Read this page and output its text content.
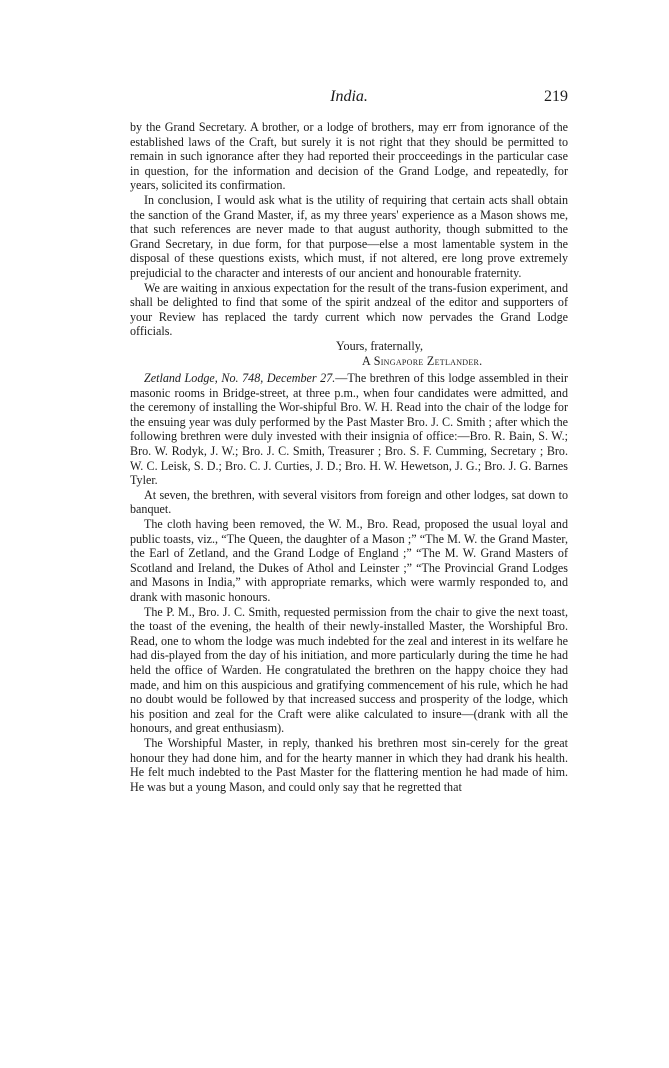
India.	219

by the Grand Secretary. A brother, or a lodge of brothers, may err from ignorance of the established laws of the Craft, but surely it is not right that they should be permitted to remain in such ignorance after they had reported their procceedings in the particular case in question, for the information and decision of the Grand Lodge, and repeatedly, for years, solicited its confirmation.

In conclusion, I would ask what is the utility of requiring that certain acts shall obtain the sanction of the Grand Master, if, as my three years' experience as a Mason shows me, that such references are never made to that august authority, though submitted to the Grand Secretary, in due form, for that purpose—else a most lamentable system in the disposal of these questions exists, which must, if not altered, ere long prove extremely prejudicial to the character and interests of our ancient and honourable fraternity.

We are waiting in anxious expectation for the result of the trans-fusion experiment, and shall be delighted to find that some of the spirit andzeal of the editor and supporters of your Review has replaced the tardy current which now pervades the Grand Lodge officials.

Yours, fraternally,
A Singapore Zetlander.

Zetland Lodge, No. 748, December 27.—The brethren of this lodge assembled in their masonic rooms in Bridge-street, at three p.m., when four candidates were admitted, and the ceremony of installing the Wor-shipful Bro. W. H. Read into the chair of the lodge for the ensuing year was duly performed by the Past Master Bro. J. C. Smith ; after which the following brethren were duly invested with their insignia of office:—Bro. R. Bain, S. W.; Bro. W. Rodyk, J. W.; Bro. J. C. Smith, Treasurer ; Bro. S. F. Cumming, Secretary ; Bro. W. C. Leisk, S. D.; Bro. C. J. Curties, J. D.; Bro. H. W. Hewetson, J. G.; Bro. J. G. Barnes Tyler.

At seven, the brethren, with several visitors from foreign and other lodges, sat down to banquet.

The cloth having been removed, the W. M., Bro. Read, proposed the usual loyal and public toasts, viz., “The Queen, the daughter of a Mason ;” “The M. W. the Grand Master, the Earl of Zetland, and the Grand Lodge of England ;” “The M. W. Grand Masters of Scotland and Ireland, the Dukes of Athol and Leinster ;” “The Provincial Grand Lodges and Masons in India,” with appropriate remarks, which were warmly responded to, and drank with masonic honours.

The P. M., Bro. J. C. Smith, requested permission from the chair to give the next toast, the toast of the evening, the health of their newly-installed Master, the Worshipful Bro. Read, one to whom the lodge was much indebted for the zeal and interest in its welfare he had dis-played from the day of his initiation, and more particularly during the time he had held the office of Warden. He congratulated the brethren on the happy choice they had made, and him on this auspicious and gratifying commencement of his rule, which he had no doubt would be followed by that increased success and prosperity of the lodge, which his position and zeal for the Craft were alike calculated to insure—(drank with all the honours, and great enthusiasm).

The Worshipful Master, in reply, thanked his brethren most sin-cerely for the great honour they had done him, and for the hearty manner in which they had drank his health. He felt much indebted to the Past Master for the flattering mention he had made of him. He was but a young Mason, and could only say that he regretted that
